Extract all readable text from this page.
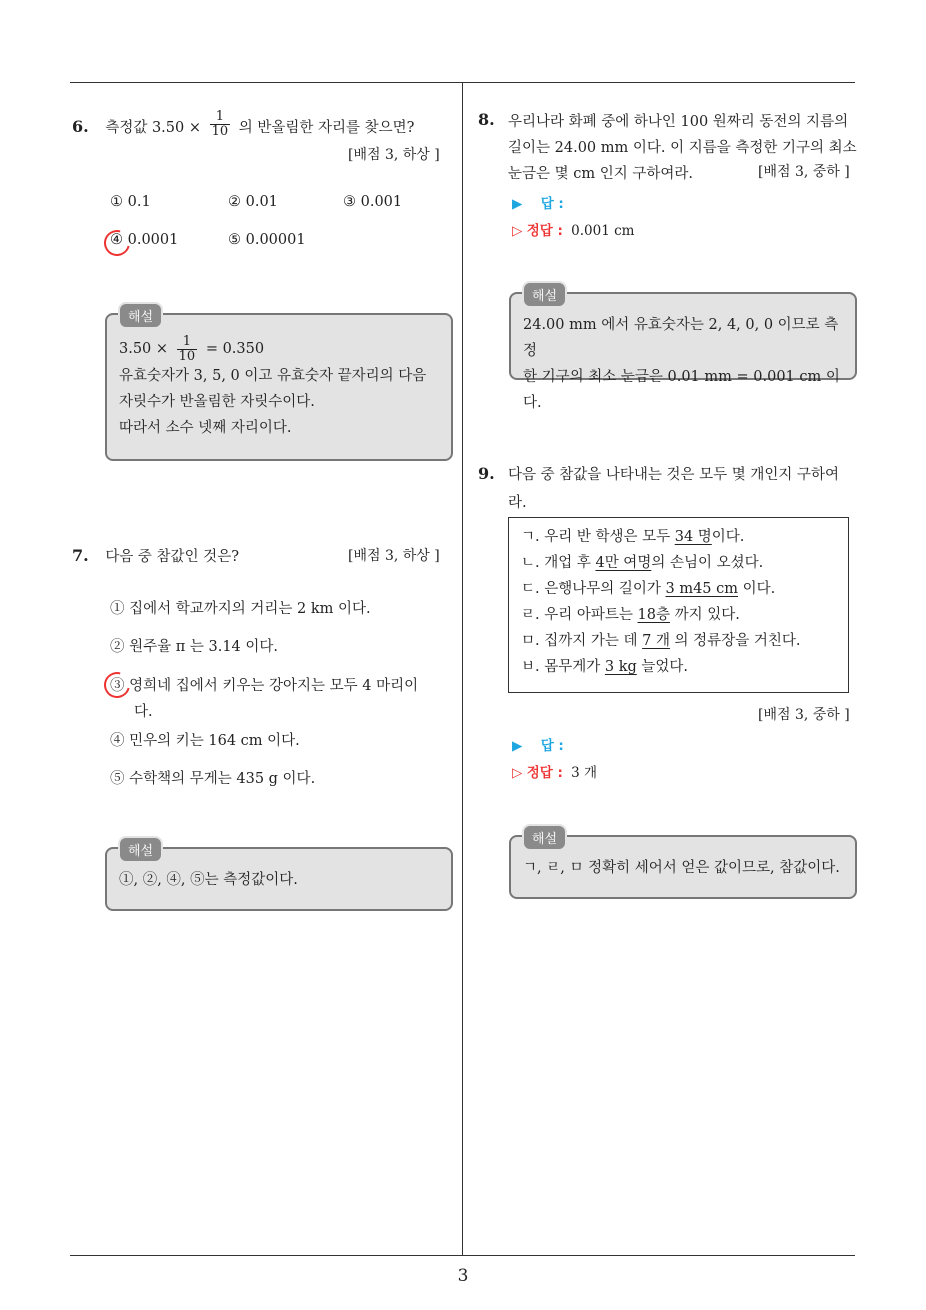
6. 측정값 $3.50 \times \frac{1}{10}$ 의 반올림한 자리를 찾으면?
[배점 3, 하상 ]
① 0.1	② 0.01	③ 0.001
④ 0.0001	⑤ 0.00001
$3.50 \times \frac{1}{10} = 0.350$
유효숫자가 3, 5, 0 이고 유효숫자 끝자리의 다음
자릿수가 반올림한 자릿수이다.
따라서 소수 넷째 자리이다.
해설
7. 다음 중 참값인 것은?	[배점 3, 하상 ]
① 집에서 학교까지의 거리는 2 km 이다.
② 원주율 π 는 3.14 이다.
③ 영희네 집에서 키우는 강아지는 모두 4 마리이
다.
④ 민우의 키는 164 cm 이다.
⑤ 수학책의 무게는 435 g 이다.
①, ②, ④, ⑤는 측정값이다.
해설
8. 우리나라 화폐 중에 하나인 100 원짜리 동전의 지름의
길이는 24.00 mm 이다. 이 지름을 측정한 기구의 최소
눈금은 몇 cm 인지 구하여라.	[배점 3, 중하 ]
▶ 답 :
▷ 정답 : 0.001 cm
24.00 mm 에서 유효숫자는 2, 4, 0, 0 이므로 측정
한 기구의 최소 눈금은 0.01 mm = 0.001 cm 이다.
해설
9. 다음 중 참값을 나타내는 것은 모두 몇 개인지 구하여
라.
ㄱ. 우리 반 학생은 모두 34 명이다.
ㄴ. 개업 후 4만 여명의 손님이 오셨다.
ㄷ. 은행나무의 길이가 3 m45 cm 이다.
ㄹ. 우리 아파트는 18층 까지 있다.
ㅁ. 집까지 가는 데 7 개 의 정류장을 거친다.
ㅂ. 몸무게가 3 kg 늘었다.
[배점 3, 중하 ]
▶ 답 :
▷ 정답 : 3 개
ㄱ, ㄹ, ㅁ 정확히 세어서 얻은 값이므로, 참값이다.
해설
3
